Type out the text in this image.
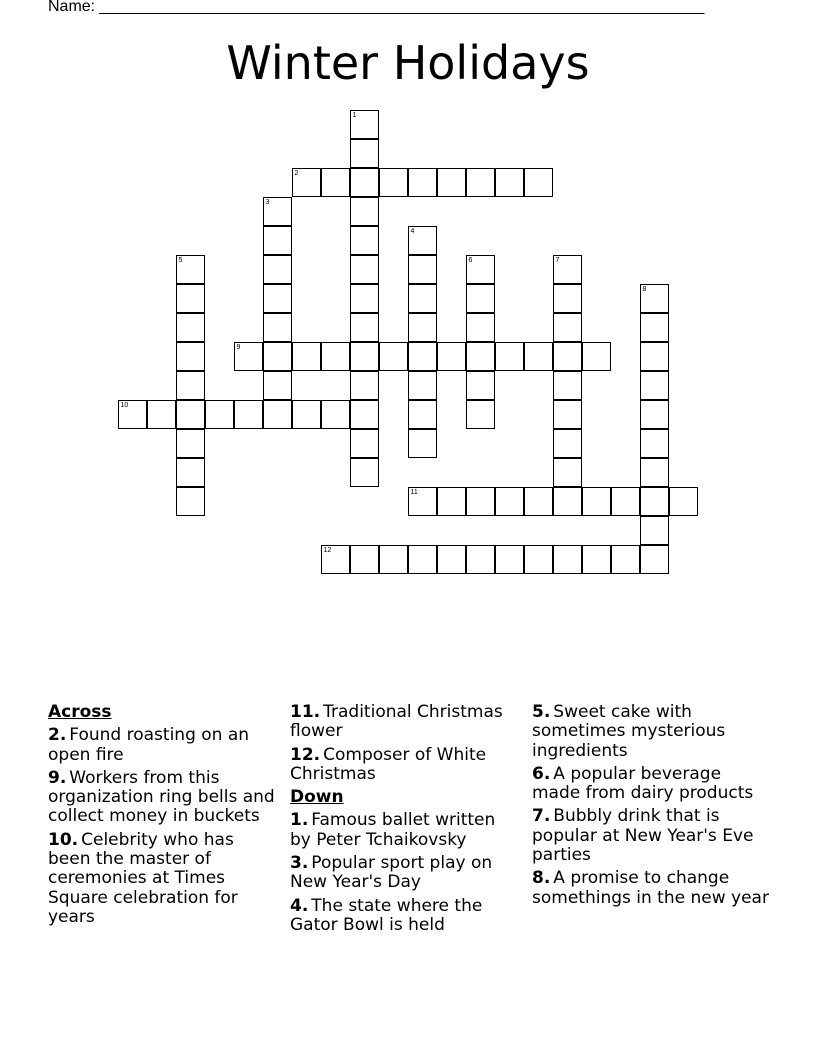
Name: ____________________________________________________________________
Winter Holidays
1
2
3
4
5	6	7
8
9
10
11
12
Across
2. Found roasting on an open fire
9. Workers from this organization ring bells and collect money in buckets
10. Celebrity who has been the master of ceremonies at Times Square celebration for years
11. Traditional Christmas flower
12. Composer of White Christmas
Down
1. Famous ballet written by Peter Tchaikovsky
3. Popular sport play on New Year's Day
4. The state where the Gator Bowl is held
5. Sweet cake with sometimes mysterious ingredients
6. A popular beverage made from dairy products
7. Bubbly drink that is popular at New Year's Eve parties
8. A promise to change somethings in the new year
